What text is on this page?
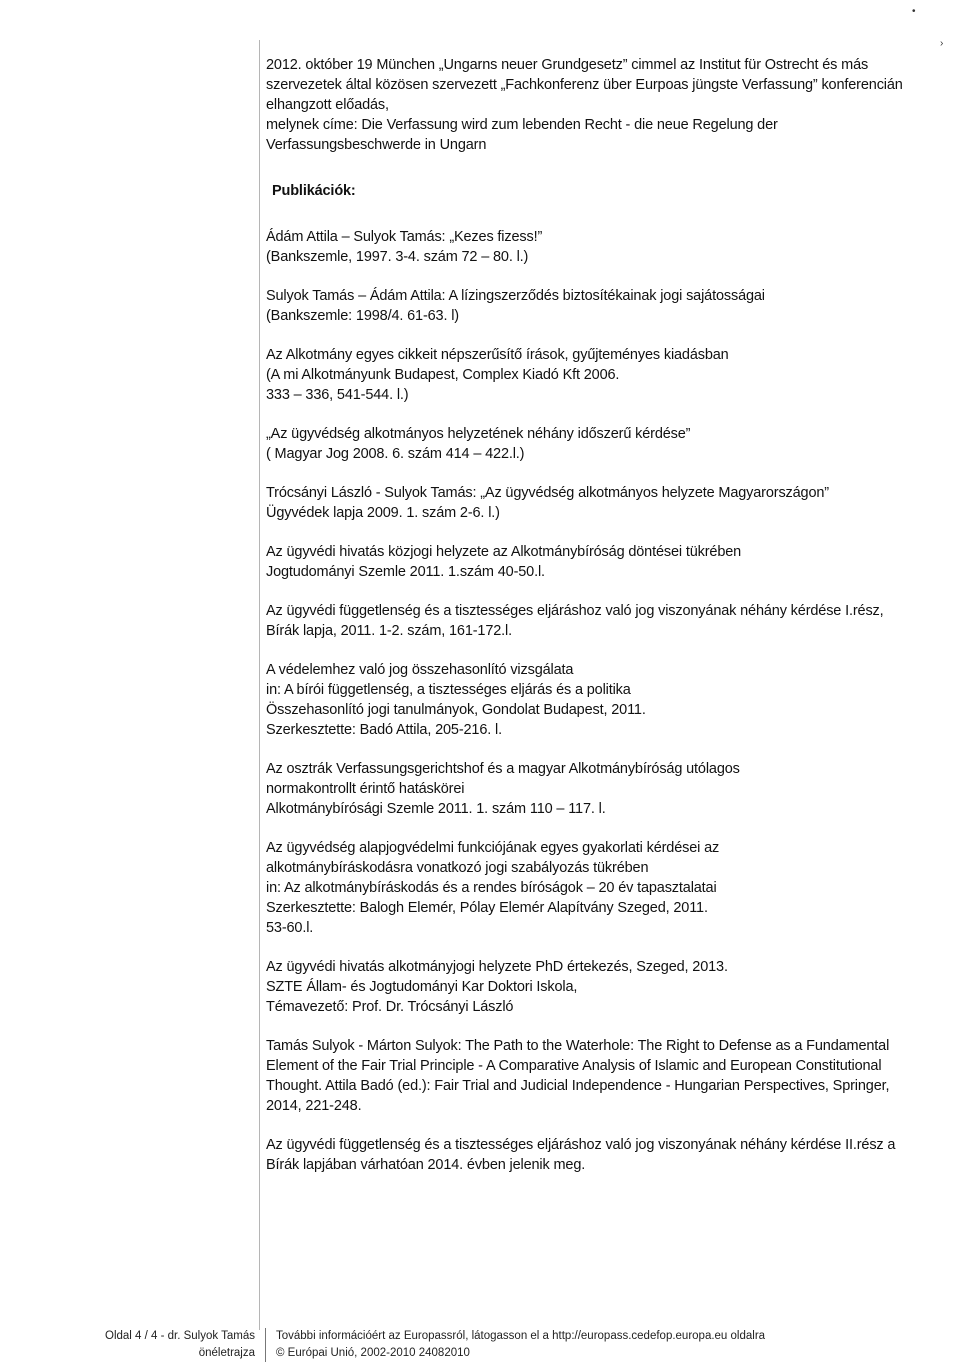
•
›
2012. október 19 München „Ungarns neuer Grundgesetz” cimmel az Institut für Ostrecht és más
szervezetek által közösen szervezett „Fachkonferenz über Eurpoas jüngste Verfassung” konferencián
elhangzott előadás,
melynek címe: Die Verfassung wird zum lebenden Recht - die neue Regelung der
Verfassungsbeschwerde in Ungarn
Publikációk:
Ádám Attila – Sulyok Tamás: „Kezes fizess!”
(Bankszemle, 1997. 3-4. szám 72 – 80. l.)
Sulyok Tamás – Ádám Attila: A lízingszerződés biztosítékainak jogi sajátosságai
(Bankszemle: 1998/4. 61-63. l)
Az Alkotmány egyes cikkeit népszerűsítő írások, gyűjteményes kiadásban
(A mi Alkotmányunk Budapest, Complex Kiadó Kft 2006.
333 – 336, 541-544. l.)
„Az ügyvédség alkotmányos helyzetének néhány időszerű kérdése”
( Magyar Jog 2008. 6. szám 414 – 422.l.)
Trócsányi László - Sulyok Tamás: „Az ügyvédség alkotmányos helyzete Magyarországon”
Ügyvédek lapja 2009. 1. szám 2-6. l.)
Az ügyvédi hivatás közjogi helyzete az Alkotmánybíróság döntései tükrében
Jogtudományi Szemle 2011. 1.szám 40-50.l.
Az ügyvédi függetlenség és a tisztességes eljáráshoz való jog viszonyának néhány kérdése I.rész,
Bírák lapja, 2011. 1-2. szám, 161-172.l.
A védelemhez való jog összehasonlító vizsgálata
in: A bírói függetlenség, a tisztességes eljárás és a politika
Összehasonlító jogi tanulmányok, Gondolat Budapest, 2011.
Szerkesztette: Badó Attila, 205-216. l.
Az osztrák Verfassungsgerichtshof és a magyar Alkotmánybíróság utólagos
normakontrollt érintő hatáskörei
Alkotmánybírósági Szemle 2011. 1. szám 110 – 117. l.
Az ügyvédség alapjogvédelmi funkciójának egyes gyakorlati kérdései az
alkotmánybíráskodásra vonatkozó jogi szabályozás tükrében
in: Az alkotmánybíráskodás és a rendes bíróságok – 20 év tapasztalatai
Szerkesztette: Balogh Elemér, Pólay Elemér Alapítvány Szeged, 2011.
53-60.l.
Az ügyvédi hivatás alkotmányjogi helyzete PhD értekezés, Szeged, 2013.
SZTE Állam- és Jogtudományi Kar Doktori Iskola,
Témavezető: Prof. Dr. Trócsányi László
Tamás Sulyok - Márton Sulyok: The Path to the Waterhole: The Right to Defense as a Fundamental
Element of the Fair Trial Principle - A Comparative Analysis of Islamic and European Constitutional
Thought. Attila Badó (ed.): Fair Trial and Judicial Independence - Hungarian Perspectives, Springer,
2014, 221-248.
Az ügyvédi függetlenség és a tisztességes eljáráshoz való jog viszonyának néhány kérdése II.rész a
Bírák lapjában várhatóan 2014. évben jelenik meg.
Oldal 4 / 4 - dr. Sulyok Tamás
önéletrajza
További információért az Europassról, látogasson el a http://europass.cedefop.europa.eu oldalra
© Európai Unió, 2002-2010 24082010
